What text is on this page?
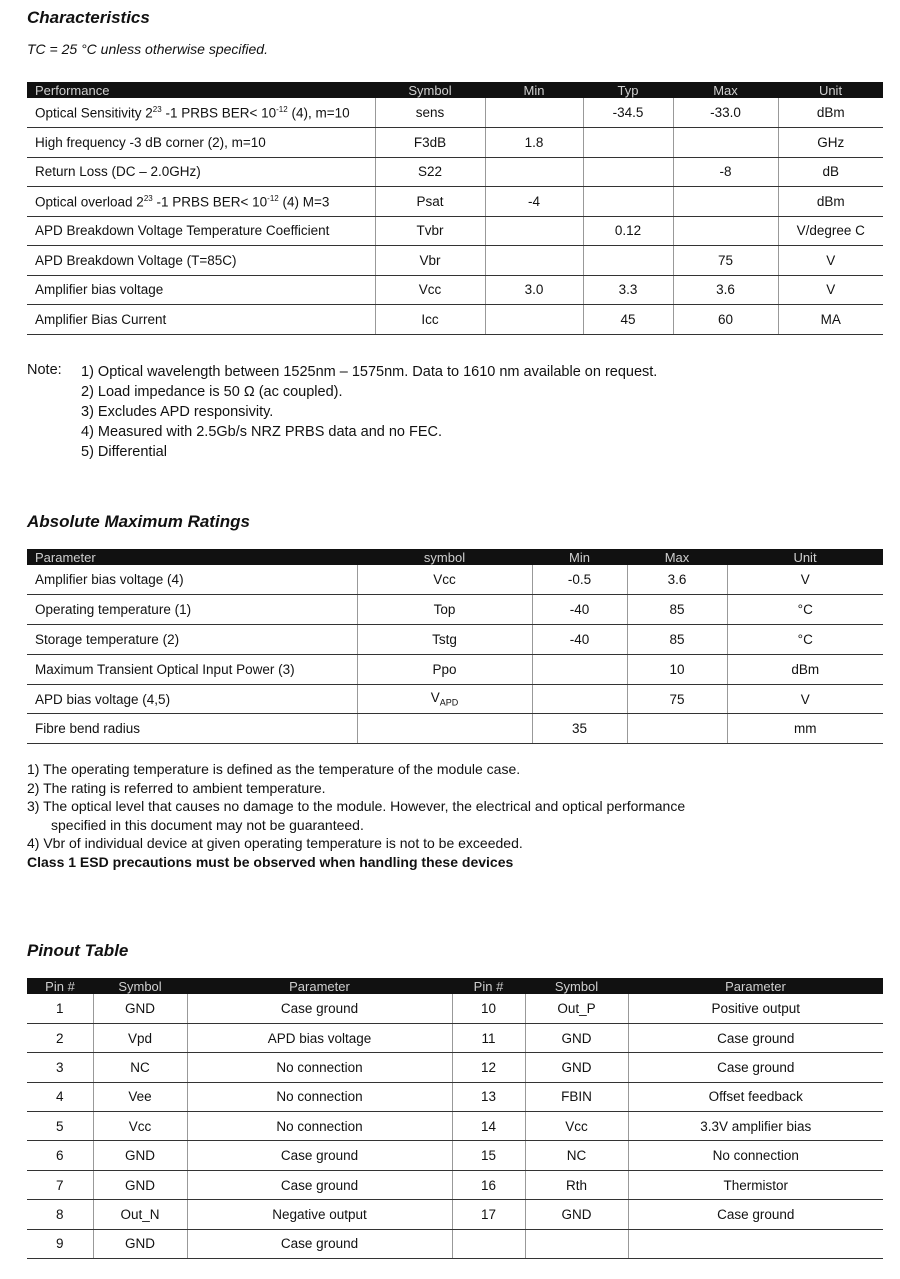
Characteristics

TC = 25 °C unless otherwise specified.

Performance	Symbol	Min	Typ	Max	Unit
Optical Sensitivity $2^{23}$ -1 PRBS $BER< 10^{-12}$ (4), m=10	sens		-34.5	-33.0	dBm
High frequency -3 dB corner (2), m=10	F3dB	1.8			GHz
Return Loss (DC – 2.0GHz)	S22			-8	dB
Optical overload $2^{23}$ -1 PRBS $BER< 10^{-12}$ (4) M=3	Psat	-4			dBm
APD Breakdown Voltage Temperature Coefficient	Tvbr		0.12		V/degree C
APD Breakdown Voltage (T=85C)	Vbr			75	V
Amplifier bias voltage	Vcc	3.0	3.3	3.6	V
Amplifier Bias Current	Icc		45	60	MA
Note: 1) Optical wavelength between 1525nm – 1575nm. Data to 1610 nm available on request.
2) Load impedance is 50 Ω (ac coupled).
3) Excludes APD responsivity.
4) Measured with 2.5Gb/s NRZ PRBS data and no FEC.
5) Differential
Absolute Maximum Ratings
Parameter	symbol	Min	Max	Unit
Amplifier bias voltage (4)	Vcc	-0.5	3.6	V
Operating temperature (1)	Top	-40	85	°C
Storage temperature (2)	Tstg	-40	85	°C
Maximum Transient Optical Input Power (3)	Ppo		10	dBm
APD bias voltage (4,5)	$V_{APD}$		75	V
Fibre bend radius		35		mm
1) The operating temperature is defined as the temperature of the module case.
2) The rating is referred to ambient temperature.
3) The optical level that causes no damage to the module. However, the electrical and optical performance
specified in this document may not be guaranteed.
4) Vbr of individual device at given operating temperature is not to be exceeded.
Class 1 ESD precautions must be observed when handling these devices
Pinout Table
Pin #	Symbol	Parameter	Pin #	Symbol	Parameter
1	GND	Case ground	10	Out_P	Positive output
2	Vpd	APD bias voltage	11	GND	Case ground
3	NC	No connection	12	GND	Case ground
4	Vee	No connection	13	FBIN	Offset feedback
5	Vcc	No connection	14	Vcc	3.3V amplifier bias
6	GND	Case ground	15	NC	No connection
7	GND	Case ground	16	Rth	Thermistor
8	Out_N	Negative output	17	GND	Case ground
9	GND	Case ground			
